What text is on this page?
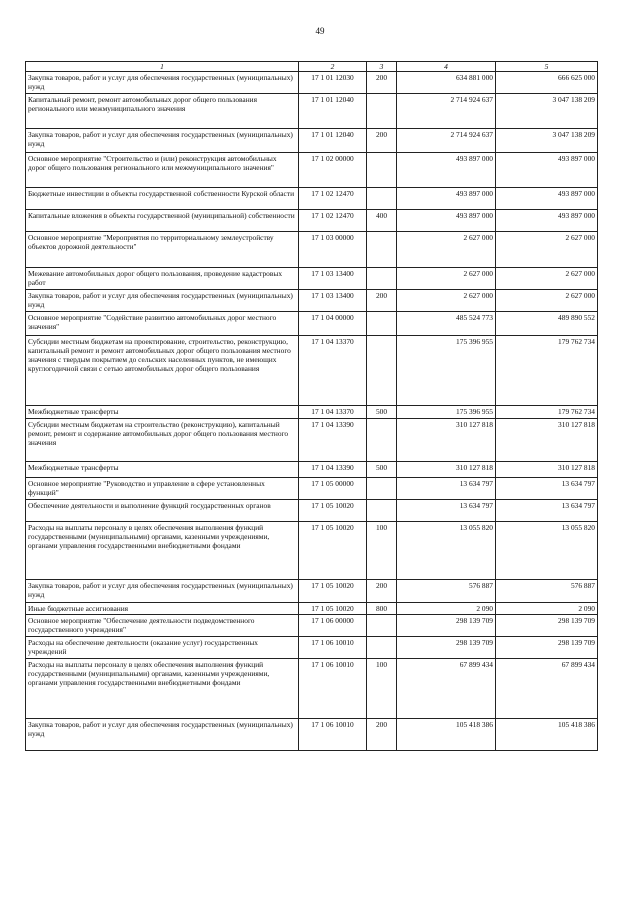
49
1	2	3	4	5
Закупка товаров, работ и услуг для обеспечения государственных (муниципальных) нужд	17 1 01 12030	200	634 881 000	666 625 000
Капитальный ремонт, ремонт автомобильных дорог общего пользования регионального или межмуниципального значения	17 1 01 12040		2 714 924 637	3 047 138 209
Закупка товаров, работ и услуг для обеспечения государственных (муниципальных) нужд	17 1 01 12040	200	2 714 924 637	3 047 138 209
Основное мероприятие "Строительство и (или) реконструкция автомобильных дорог общего пользования регионального или межмуниципального значения"	17 1 02 00000		493 897 000	493 897 000
Бюджетные инвестиции в объекты государственной собственности Курской области	17 1 02 12470		493 897 000	493 897 000
Капитальные вложения в объекты государственной (муниципальной) собственности	17 1 02 12470	400	493 897 000	493 897 000
Основное мероприятие "Мероприятия по территориальному землеустройству объектов дорожной деятельности"	17 1 03 00000		2 627 000	2 627 000
Межевание автомобильных дорог общего пользования, проведение кадастровых работ	17 1 03 13400		2 627 000	2 627 000
Закупка товаров, работ и услуг для обеспечения государственных (муниципальных) нужд	17 1 03 13400	200	2 627 000	2 627 000
Основное мероприятие "Содействие развитию автомобильных дорог местного значения"	17 1 04 00000		485 524 773	489 890 552
Субсидии местным бюджетам на проектирование, строительство, реконструкцию, капитальный ремонт и ремонт автомобильных дорог общего пользования местного значения с твердым покрытием до сельских населенных пунктов, не имеющих круглогодичной связи с сетью автомобильных дорог общего пользования	17 1 04 13370		175 396 955	179 762 734
Межбюджетные трансферты	17 1 04 13370	500	175 396 955	179 762 734
Субсидии местным бюджетам на строительство (реконструкцию), капитальный ремонт, ремонт и содержание автомобильных дорог общего пользования местного значения	17 1 04 13390		310 127 818	310 127 818
Межбюджетные трансферты	17 1 04 13390	500	310 127 818	310 127 818
Основное мероприятие "Руководство и управление в сфере установленных функций"	17 1 05 00000		13 634 797	13 634 797
Обеспечение деятельности и выполнение функций государственных органов	17 1 05 10020		13 634 797	13 634 797
Расходы на выплаты персоналу в целях обеспечения выполнения функций государственными (муниципальными) органами, казенными учреждениями, органами управления государственными внебюджетными фондами	17 1 05 10020	100	13 055 820	13 055 820
Закупка товаров, работ и услуг для обеспечения государственных (муниципальных) нужд	17 1 05 10020	200	576 887	576 887
Иные бюджетные ассигнования	17 1 05 10020	800	2 090	2 090
Основное мероприятие "Обеспечение деятельности подведомственного государственного учреждения"	17 1 06 00000		298 139 709	298 139 709
Расходы на обеспечение деятельности (оказание услуг) государственных учреждений	17 1 06 10010		298 139 709	298 139 709
Расходы на выплаты персоналу в целях обеспечения выполнения функций государственными (муниципальными) органами, казенными учреждениями, органами управления государственными внебюджетными фондами	17 1 06 10010	100	67 899 434	67 899 434
Закупка товаров, работ и услуг для обеспечения государственных (муниципальных) нужд	17 1 06 10010	200	105 418 386	105 418 386
